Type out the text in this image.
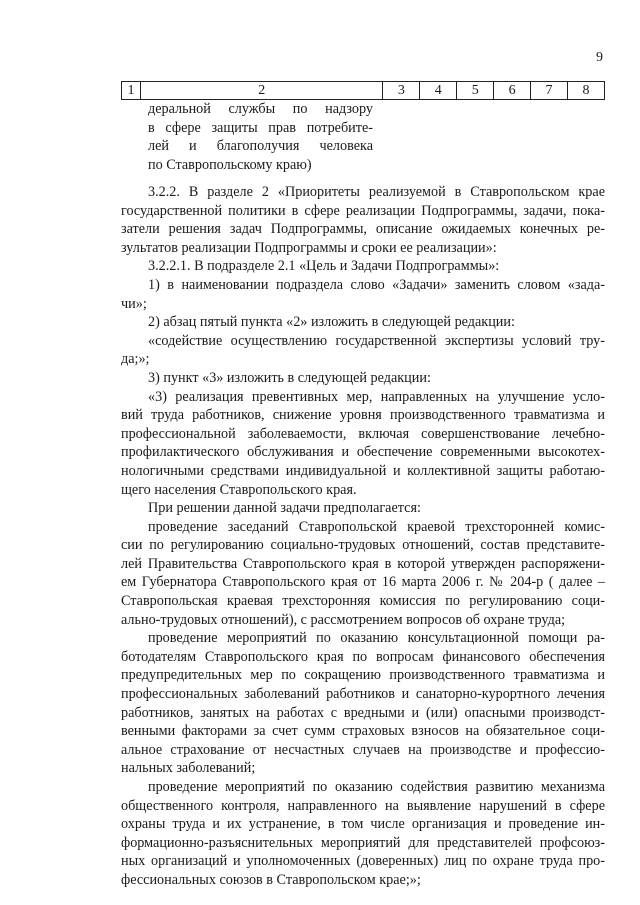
9
1	2	3	4	5	6	7	8
деральной службы по надзору
в сфере защиты прав потребите-
лей и благополучия человека
по Ставропольскому краю)
3.2.2. В разделе 2 «Приоритеты реализуемой в Ставропольском крае
государственной политики в сфере реализации Подпрограммы, задачи, пока-
затели решения задач Подпрограммы, описание ожидаемых конечных ре-
зультатов реализации Подпрограммы и сроки ее реализации»:
3.2.2.1. В подразделе 2.1 «Цель и Задачи Подпрограммы»:
1) в наименовании подраздела слово «Задачи» заменить словом «зада-
чи»;
2) абзац пятый пункта «2» изложить в следующей редакции:
«содействие осуществлению государственной экспертизы условий тру-
да;»;
3) пункт «3» изложить в следующей редакции:
«3) реализация превентивных мер, направленных на улучшение усло-
вий труда работников, снижение уровня производственного травматизма и
профессиональной заболеваемости, включая совершенствование лечебно-
профилактического обслуживания и обеспечение современными высокотех-
нологичными средствами индивидуальной и коллективной защиты работаю-
щего населения Ставропольского края.
При решении данной задачи предполагается:
проведение заседаний Ставропольской краевой трехсторонней комис-
сии по регулированию социально-трудовых отношений, состав представите-
лей Правительства Ставропольского края в которой утвержден распоряжени-
ем Губернатора Ставропольского края от 16 марта 2006 г. № 204-р ( далее –
Ставропольская краевая трехсторонняя комиссия по регулированию соци-
ально-трудовых отношений), с рассмотрением вопросов об охране труда;
проведение мероприятий по оказанию консультационной помощи ра-
ботодателям Ставропольского края по вопросам финансового обеспечения
предупредительных мер по сокращению производственного травматизма и
профессиональных заболеваний работников и санаторно-курортного лечения
работников, занятых на работах с вредными и (или) опасными производст-
венными факторами за счет сумм страховых взносов на обязательное соци-
альное страхование от несчастных случаев на производстве и профессио-
нальных заболеваний;
проведение мероприятий по оказанию содействия развитию механизма
общественного контроля, направленного на выявление нарушений в сфере
охраны труда и их устранение, в том числе организация и проведение ин-
формационно-разъяснительных мероприятий для представителей профсоюз-
ных организаций и уполномоченных (доверенных) лиц по охране труда про-
фессиональных союзов в Ставропольском крае;»;
